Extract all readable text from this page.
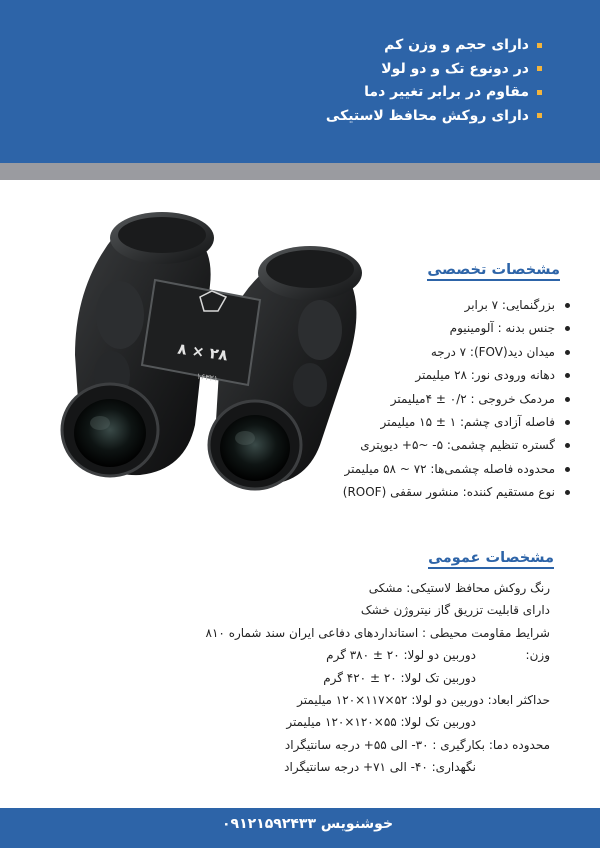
دارای حجم و وزن کم
در دونوع تک و دو لولا
مقاوم در برابر تغییر دما
دارای روکش محافظ لاستیکی
۸ × ۲۸
۱۶۳۲۱
مشخصات تخصصی
بزرگنمایی: ۷ برابر
جنس بدنه : آلومینیوم
میدان دید(FOV): ۷ درجه
دهانه ورودی نور: ۲۸ میلیمتر
مردمک خروجی : ۰/۲ ± ۴میلیمتر
فاصله آزادی چشم: ۱ ± ۱۵ میلیمتر
گستره تنظیم چشمی: ۵- ~۵+ دیوپتری
محدوده فاصله چشمی‌ها: ۷۲ ~ ۵۸ میلیمتر
نوع مستقیم کننده: منشور سقفی (ROOF)
مشخصات عمومی
رنگ روکش محافظ لاستیکی: مشکی
دارای قابلیت تزریق گاز نیتروژن خشک
شرایط مقاومت محیطی : استانداردهای دفاعی ایران سند شماره ۸۱۰
وزن:دوربین دو لولا: ۲۰ ± ۳۸۰ گرم
دوربین تک لولا: ۲۰ ± ۴۲۰ گرم
حداکثر ابعاد: دوربین دو لولا: ۵۲×۱۱۷×۱۲۰ میلیمتر
دوربین تک لولا: ۵۵×۱۲۰×۱۲۰ میلیمتر
محدوده دما: بکارگیری : ۳۰- الی ۵۵+ درجه سانتیگراد
نگهداری: ۴۰- الی ۷۱+ درجه سانتیگراد
خوشنویس ۰۹۱۲۱۵۹۲۴۳۳
